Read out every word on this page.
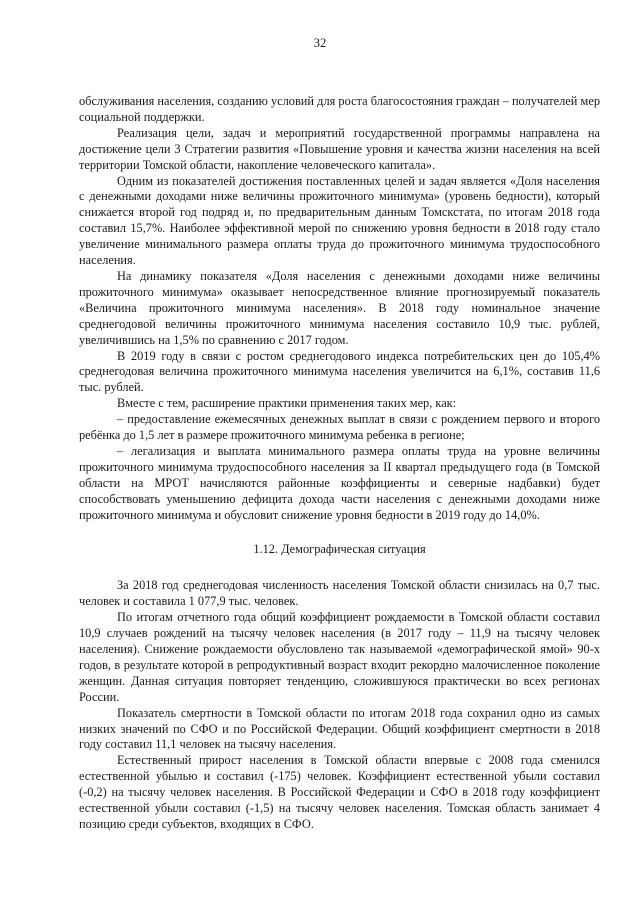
32

обслуживания населения, созданию условий для роста благосостояния граждан – получателей мер социальной поддержки.

Реализация цели, задач и мероприятий государственной программы направлена на достижение цели 3 Стратегии развития «Повышение уровня и качества жизни населения на всей территории Томской области, накопление человеческого капитала».

Одним из показателей достижения поставленных целей и задач является «Доля населения с денежными доходами ниже величины прожиточного минимума» (уровень бедности), который снижается второй год подряд и, по предварительным данным Томскстата, по итогам 2018 года составил 15,7%. Наиболее эффективной мерой по снижению уровня бедности в 2018 году стало увеличение минимального размера оплаты труда до прожиточного минимума трудоспособного населения.

На динамику показателя «Доля населения с денежными доходами ниже величины прожиточного минимума» оказывает непосредственное влияние прогнозируемый показатель «Величина прожиточного минимума населения». В 2018 году номинальное значение среднегодовой величины прожиточного минимума населения составило 10,9 тыс. рублей, увеличившись на 1,5% по сравнению с 2017 годом.

В 2019 году в связи с ростом среднегодового индекса потребительских цен до 105,4% среднегодовая величина прожиточного минимума населения увеличится на 6,1%, составив 11,6 тыс. рублей.

Вместе с тем, расширение практики применения таких мер, как:

– предоставление ежемесячных денежных выплат в связи с рождением первого и второго ребёнка до 1,5 лет в размере прожиточного минимума ребенка в регионе;

– легализация и выплата минимального размера оплаты труда на уровне величины прожиточного минимума трудоспособного населения за II квартал предыдущего года (в Томской области на МРОТ начисляются районные коэффициенты и северные надбавки) будет способствовать уменьшению дефицита дохода части населения с денежными доходами ниже прожиточного минимума и обусловит снижение уровня бедности в 2019 году до 14,0%.

1.12. Демографическая ситуация

За 2018 год среднегодовая численность населения Томской области снизилась на 0,7 тыс. человек и составила 1 077,9 тыс. человек.

По итогам отчетного года общий коэффициент рождаемости в Томской области составил 10,9 случаев рождений на тысячу человек населения (в 2017 году – 11,9 на тысячу человек населения). Снижение рождаемости обусловлено так называемой «демографической ямой» 90-х годов, в результате которой в репродуктивный возраст входит рекордно малочисленное поколение женщин. Данная ситуация повторяет тенденцию, сложившуюся практически во всех регионах России.

Показатель смертности в Томской области по итогам 2018 года сохранил одно из самых низких значений по СФО и по Российской Федерации. Общий коэффициент смертности в 2018 году составил 11,1 человек на тысячу населения.

Естественный прирост населения в Томской области впервые с 2008 года сменился естественной убылью и составил (-175) человек. Коэффициент естественной убыли составил (-0,2) на тысячу человек населения. В Российской Федерации и СФО в 2018 году коэффициент естественной убыли составил (-1,5) на тысячу человек населения. Томская область занимает 4 позицию среди субъектов, входящих в СФО.
